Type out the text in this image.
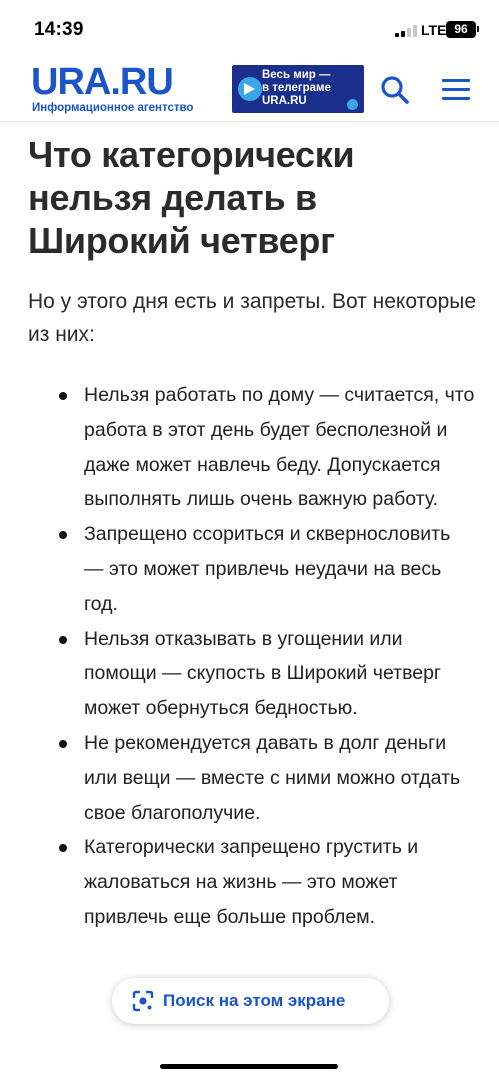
14:39	LTE 96
URA.RU
Информационное агентство
Весь мир —
в телеграме
URA.RU
Что категорически нельзя делать в Широкий четверг

Но у этого дня есть и запреты. Вот некоторые из них:

Нельзя работать по дому — считается, что работа в этот день будет бесполезной и даже может навлечь беду. Допускается выполнять лишь очень важную работу.
Запрещено ссориться и сквернословить — это может привлечь неудачи на весь год.
Нельзя отказывать в угощении или помощи — скупость в Широкий четверг может обернуться бедностью.
Не рекомендуется давать в долг деньги или вещи — вместе с ними можно отдать свое благополучие.
Категорически запрещено грустить и жаловаться на жизнь — это может привлечь еще больше проблем.
Поиск на этом экране
